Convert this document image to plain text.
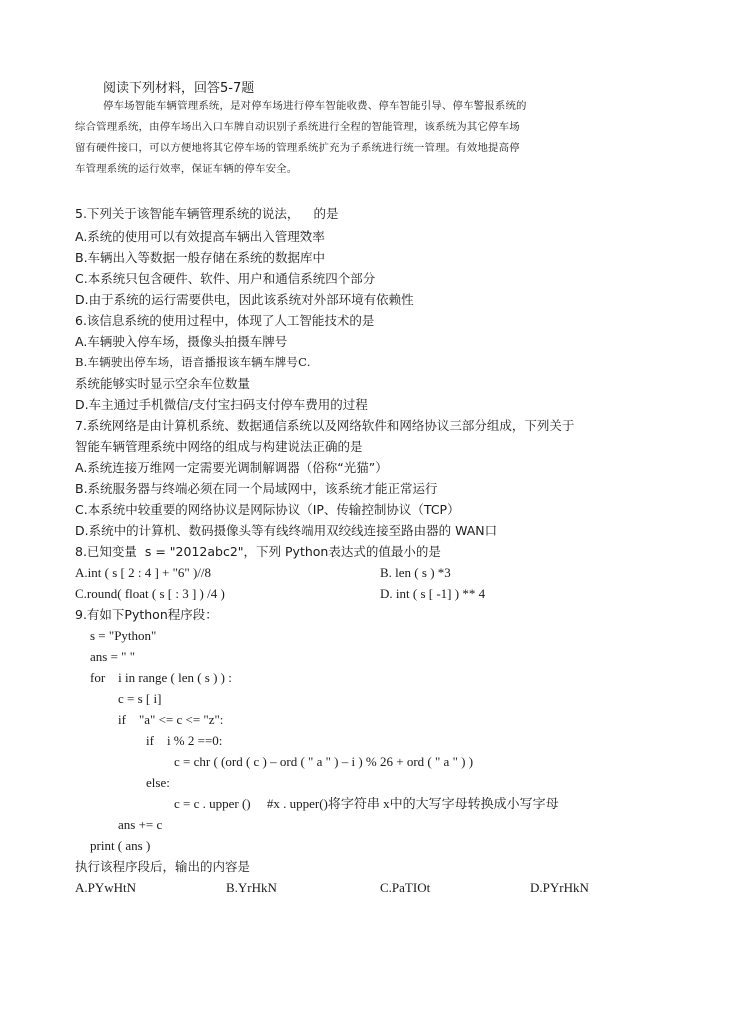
阅读下列材料，回答5-7题
停车场智能车辆管理系统，是对停车场进行停车智能收费、停车智能引导、停车警报系统的
综合管理系统，由停车场出入口车牌自动识别子系统进行全程的智能管理，该系统为其它停车场
留有硬件接口，可以方便地将其它停车场的管理系统扩充为子系统进行统一管理。有效地提高停
车管理系统的运行效率，保证车辆的停车安全。
5.下列关于该智能车辆管理系统的说法， 的是
A.系统的使用可以有效提高车辆出入管理效率
B.车辆出入等数据一般存储在系统的数据库中
C.本系统只包含硬件、软件、用户和通信系统四个部分
D.由于系统的运行需要供电，因此该系统对外部环境有依赖性
6.该信息系统的使用过程中，体现了人工智能技术的是
A.车辆驶入停车场，摄像头拍摄车牌号
B.车辆驶出停车场，语音播报该车辆车牌号C.
系统能够实时显示空余车位数量
D.车主通过手机微信/支付宝扫码支付停车费用的过程
7.系统网络是由计算机系统、数据通信系统以及网络软件和网络协议三部分组成，下列关于
智能车辆管理系统中网络的组成与构建说法正确的是
A.系统连接万维网一定需要光调制解调器（俗称“光猫”）
B.系统服务器与终端必须在同一个局域网中，该系统才能正常运行
C.本系统中较重要的网络协议是网际协议（IP、传输控制协议（TCP）
D.系统中的计算机、数码摄像头等有线终端用双绞线连接至路由器的 WAN口
8.已知变量  s = "2012abc2"，下列 Python表达式的值最小的是
A.int ( s [ 2 : 4 ] + "6" )//8	B. len ( s ) *3
C.round( float ( s [ : 3 ] ) /4 )	D. int ( s [ -1] ) ** 4
9.有如下Python程序段：
s = "Python"
ans = " "
for    i in range ( len ( s ) ) :
c = s [ i]
if    "a" <= c <= "z":
if    i % 2 ==0:
c = chr ( (ord ( c ) – ord ( " a " ) – i ) % 26 + ord ( " a " ) )
else:
c = c . upper ()     #x . upper()将字符串 x中的大写字母转换成小写字母
ans += c
print ( ans )
执行该程序段后，输出的内容是
A.PYwHtN	B.YrHkN	C.PaTIOt	D.PYrHkN
